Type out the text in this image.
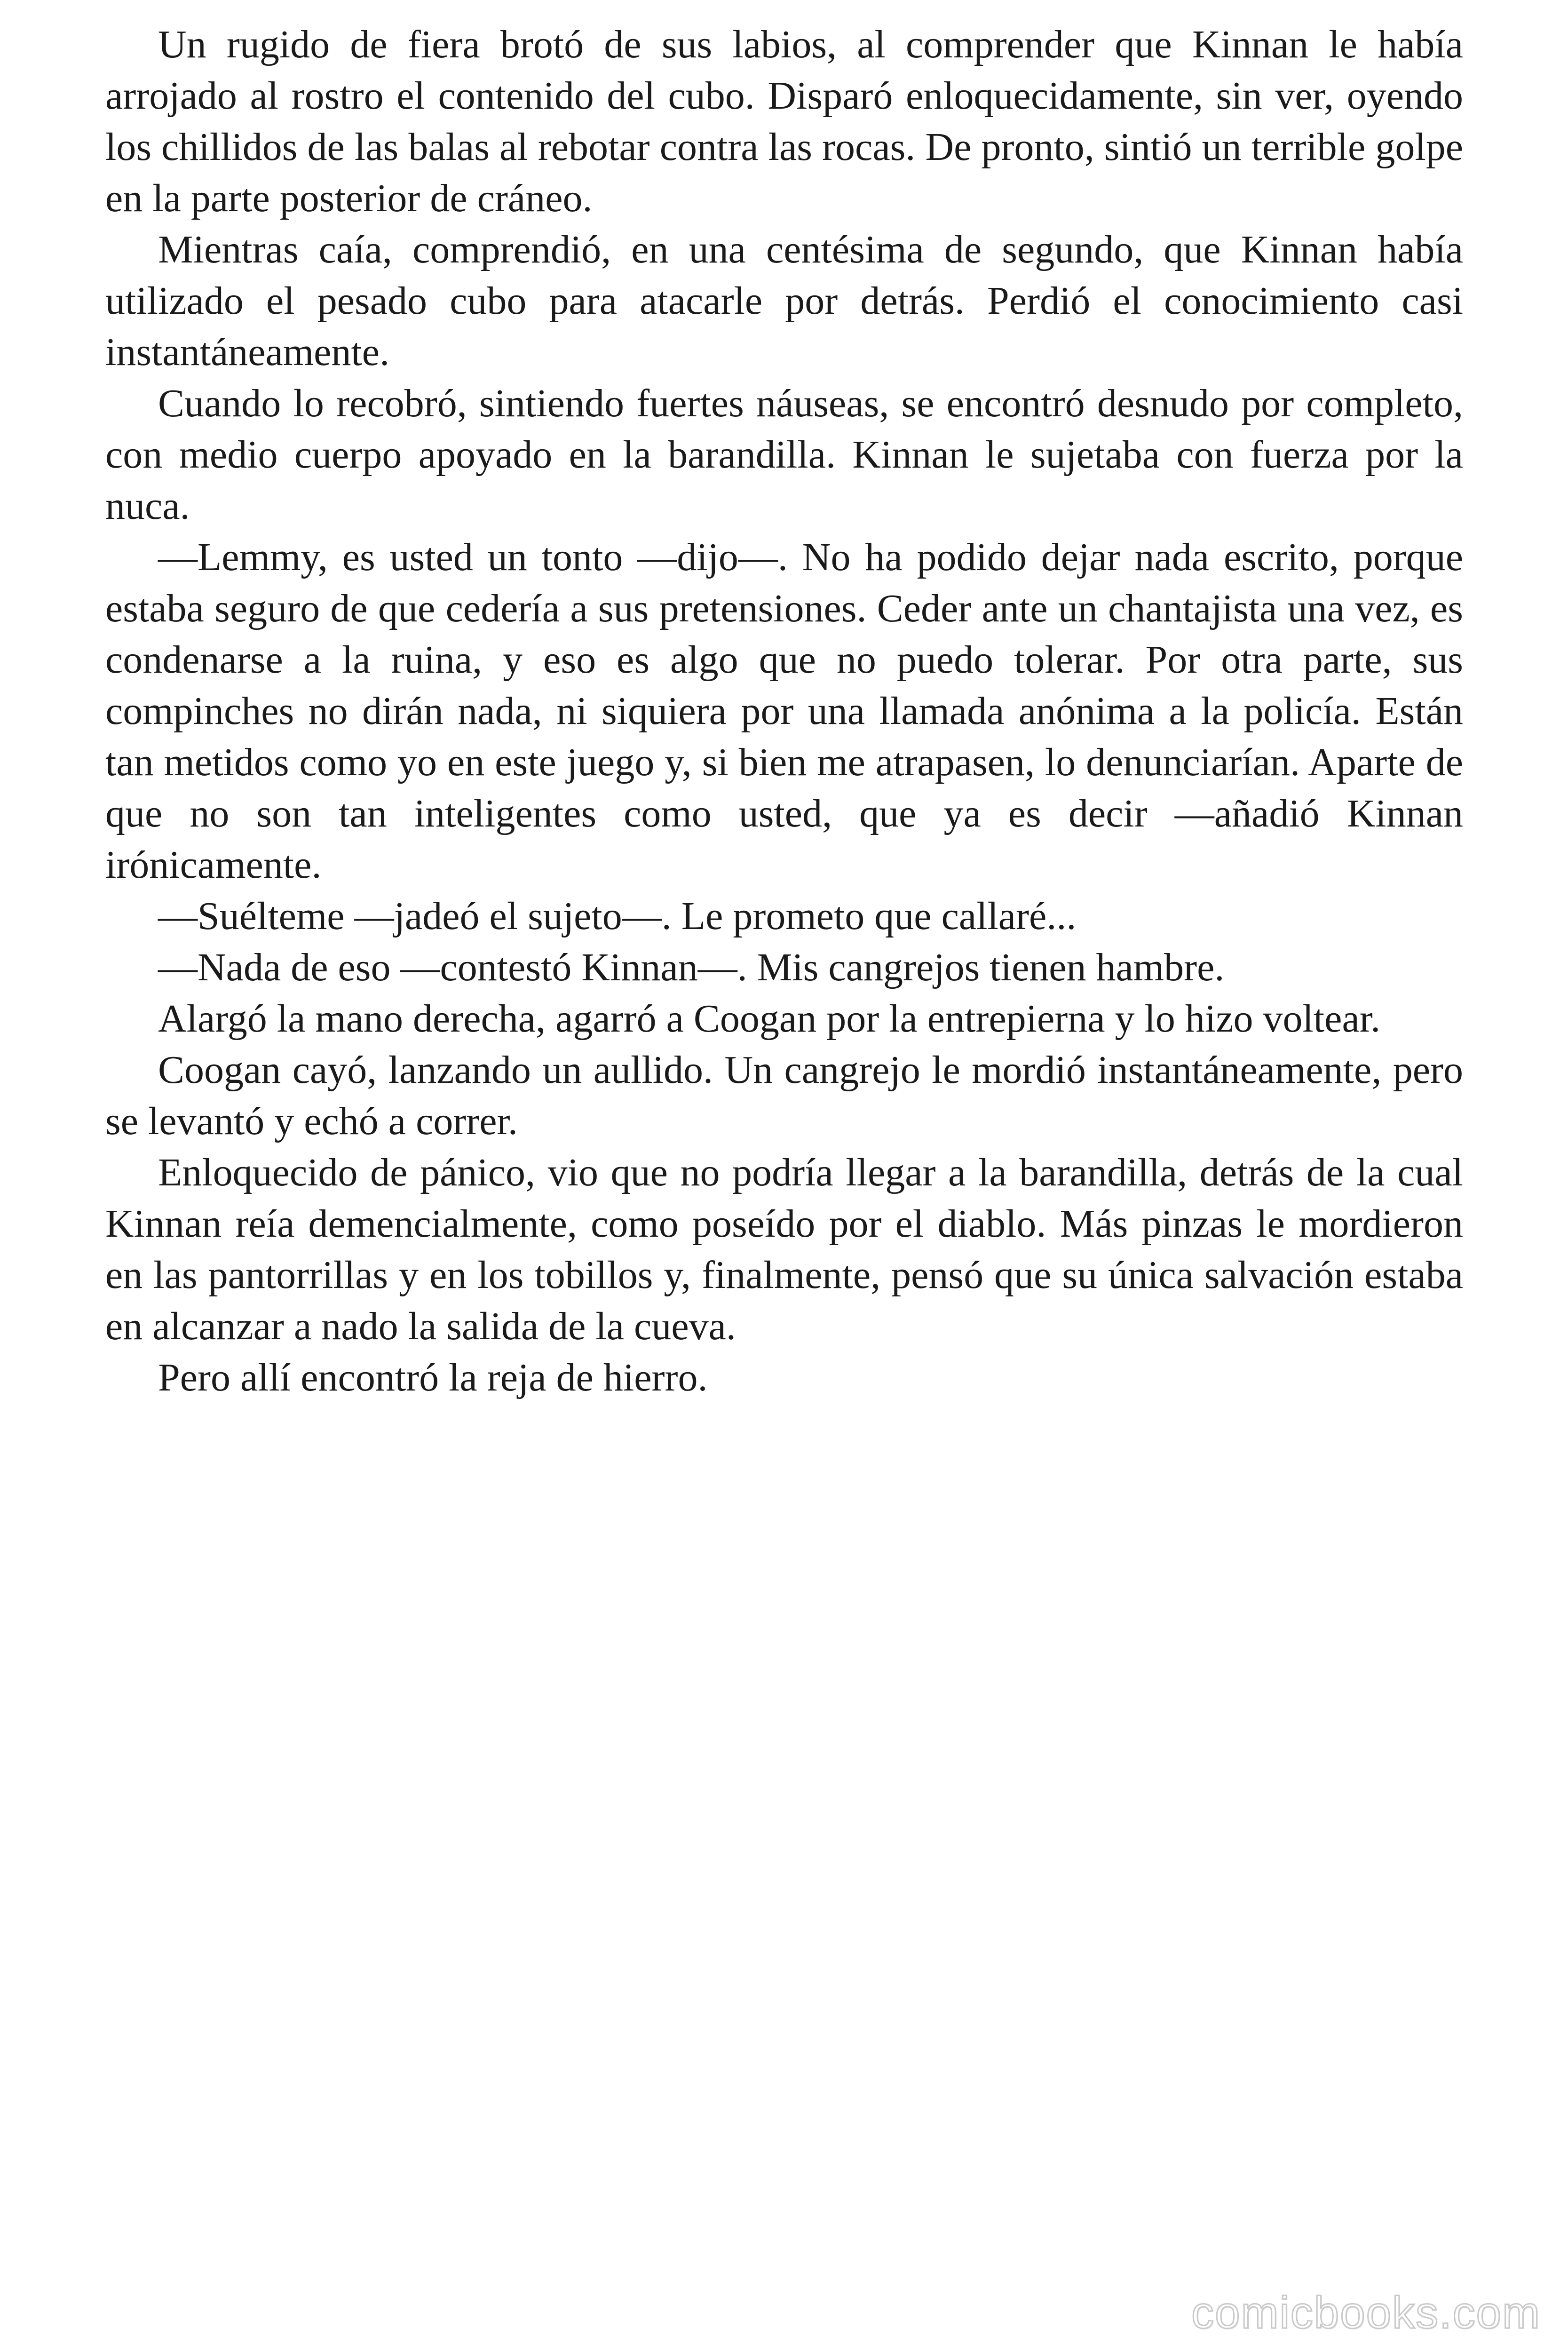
Un rugido de fiera brotó de sus labios, al comprender que Kinnan le había arrojado al rostro el contenido del cubo. Disparó enloquecidamente, sin ver, oyendo los chillidos de las balas al rebotar contra las rocas. De pronto, sintió un terrible golpe en la parte posterior de cráneo.

Mientras caía, comprendió, en una centésima de segundo, que Kinnan había utilizado el pesado cubo para atacarle por detrás. Perdió el conocimiento casi instantáneamente.

Cuando lo recobró, sintiendo fuertes náuseas, se encontró desnudo por completo, con medio cuerpo apoyado en la barandilla. Kinnan le sujetaba con fuerza por la nuca.

—Lemmy, es usted un tonto —dijo—. No ha podido dejar nada escrito, porque estaba seguro de que cedería a sus pretensiones. Ceder ante un chantajista una vez, es condenarse a la ruina, y eso es algo que no puedo tolerar. Por otra parte, sus compinches no dirán nada, ni siquiera por una llamada anónima a la policía. Están tan metidos como yo en este juego y, si bien me atrapasen, lo denunciarían. Aparte de que no son tan inteligentes como usted, que ya es decir —añadió Kinnan irónicamente.

—Suélteme —jadeó el sujeto—. Le prometo que callaré...

—Nada de eso —contestó Kinnan—. Mis cangrejos tienen hambre.

Alargó la mano derecha, agarró a Coogan por la entrepierna y lo hizo voltear.

Coogan cayó, lanzando un aullido. Un cangrejo le mordió instantáneamente, pero se levantó y echó a correr.

Enloquecido de pánico, vio que no podría llegar a la barandilla, detrás de la cual Kinnan reía demencialmente, como poseído por el diablo. Más pinzas le mordieron en las pantorrillas y en los tobillos y, finalmente, pensó que su única salvación estaba en alcanzar a nado la salida de la cueva.

Pero allí encontró la reja de hierro.

comicbooks.com
